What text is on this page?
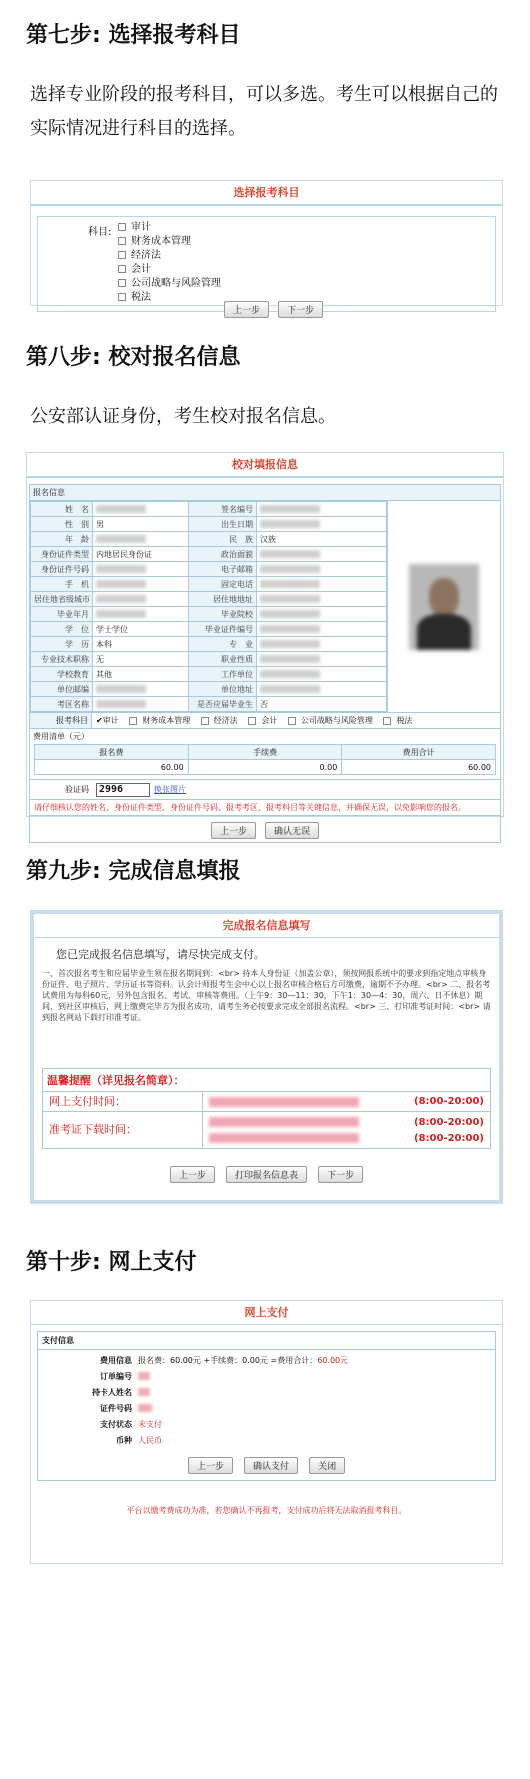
第七步: 选择报考科目
选择专业阶段的报考科目，可以多选。考生可以根据自己的实际情况进行科目的选择。
选择报考科目
科目:	审计
财务成本管理
经济法
会计
公司战略与风险管理
税法
上一步	下一步
第八步: 校对报名信息
公安部认证身份，考生校对报名信息。
校对填报信息
报名信息
姓　名		签名编号	
性　别	男	出生日期	
年　龄		民　族	汉族
身份证件类型	内地居民身份证	政治面貌	
身份证件号码		电子邮箱	
手　机		固定电话	
居住地省级城市		居住地地址	
毕业年月		毕业院校	
学　位	学士学位	毕业证件编号	
学　历	本科	专　业	
专业技术职称	无	职业性质	
学校教育	其他	工作单位	
单位邮编		单位地址	
考区名称		是否应届毕业生	否
报考科目	✔审计	财务成本管理	经济法	会计	公司战略与风险管理	税法
费用清单（元）
报名费	手续费	费用合计
60.00	0.00	60.00
验证码	2996	换张图片
请仔细核认您的姓名、身份证件类型、身份证件号码、报考考区、报考科目等关键信息，并确保无误，以免影响您的报名。
上一步	确认无误
第九步: 完成信息填报
完成报名信息填写
您已完成报名信息填写，请尽快完成支付。
一、首次报名考生和应届毕业生须在报名期间到：<br> 持本人身份证（加盖公章），须按网报系统中的要求到指定地点审核身份证件、电子照片、学历证书等资料。认会计师报考生会中心以上报名审核合格后方可缴费，逾期不予办理。<br> 二、报名考试费用为每科60元，另外包含报名、考试、审核等费用。（上午9：30—11：30，下午1：30—4：30，周六、日不休息）期间，到社区审核后，网上缴费完毕方为报名成功，请考生务必按要求完成全部报名流程。<br> 三、打印准考证时间：<br> 请到报名网站下载打印准考证。
温馨提醒（详见报名简章）：
网上支付时间：	(8:00-20:00)
准考证下载时间：
(8:00-20:00)
(8:00-20:00)
上一步	打印报名信息表	下一步
第十步: 网上支付
网上支付
支付信息
费用信息 报名费：60.00元 +手续费：0.00元 =费用合计：60.00元
订单编号
持卡人姓名
证件号码
支付状态 未支付
币种 人民币
上一步	确认支付	关闭
平台以缴考费成功为准，若您确认不再报考，支付成功后将无法取消报考科目。
